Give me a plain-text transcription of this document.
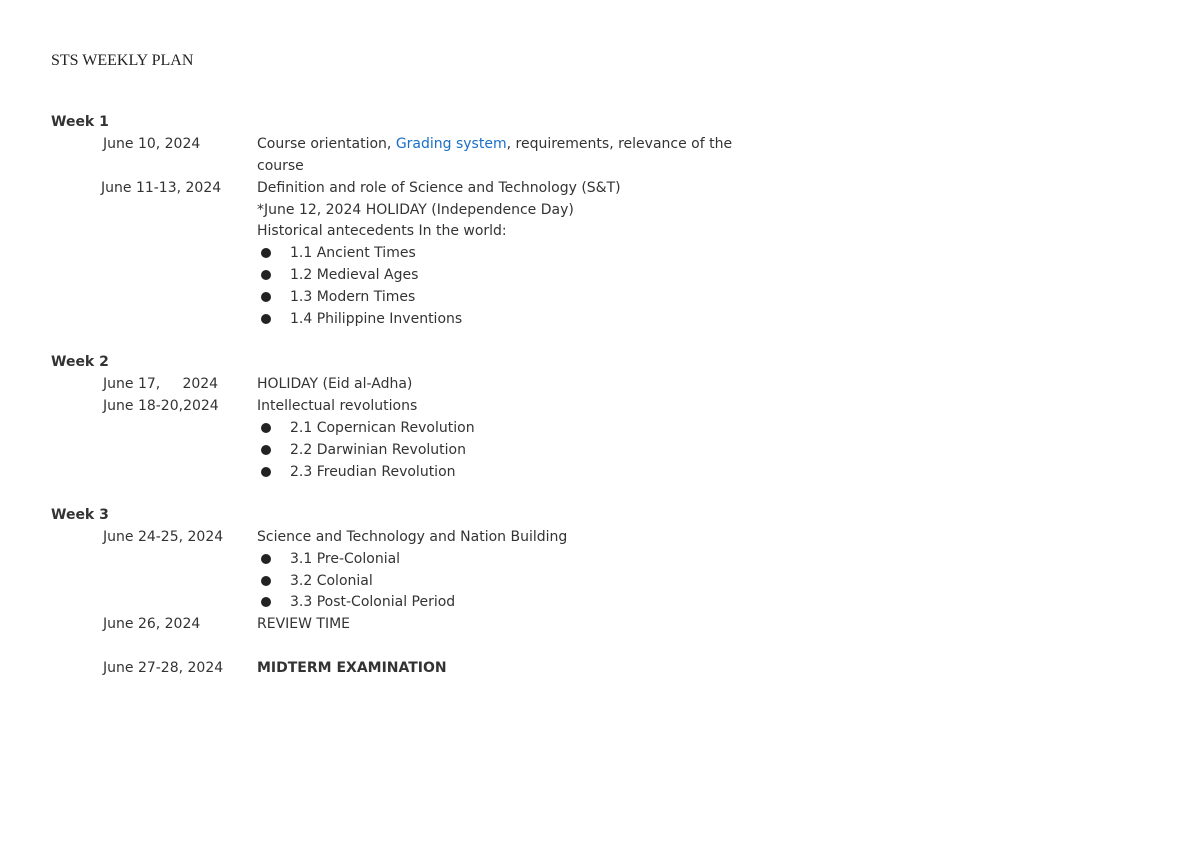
STS WEEKLY PLAN
Week 1
June 10, 2024	Course orientation, Grading system, requirements, relevance of the
course
June 11-13, 2024	Definition and role of Science and Technology (S&T)
*June 12, 2024 HOLIDAY (Independence Day)
Historical antecedents In the world:
1.1 Ancient Times
1.2 Medieval Ages
1.3 Modern Times
1.4 Philippine Inventions
Week 2
June 17,     2024	HOLIDAY (Eid al-Adha)
June 18-20,2024	Intellectual revolutions
2.1 Copernican Revolution
2.2 Darwinian Revolution
2.3 Freudian Revolution
Week 3
June 24-25, 2024 Science and Technology and Nation Building
3.1 Pre-Colonial
3.2 Colonial
3.3 Post-Colonial Period
June 26, 2024	REVIEW TIME
June 27-28, 2024 MIDTERM EXAMINATION
